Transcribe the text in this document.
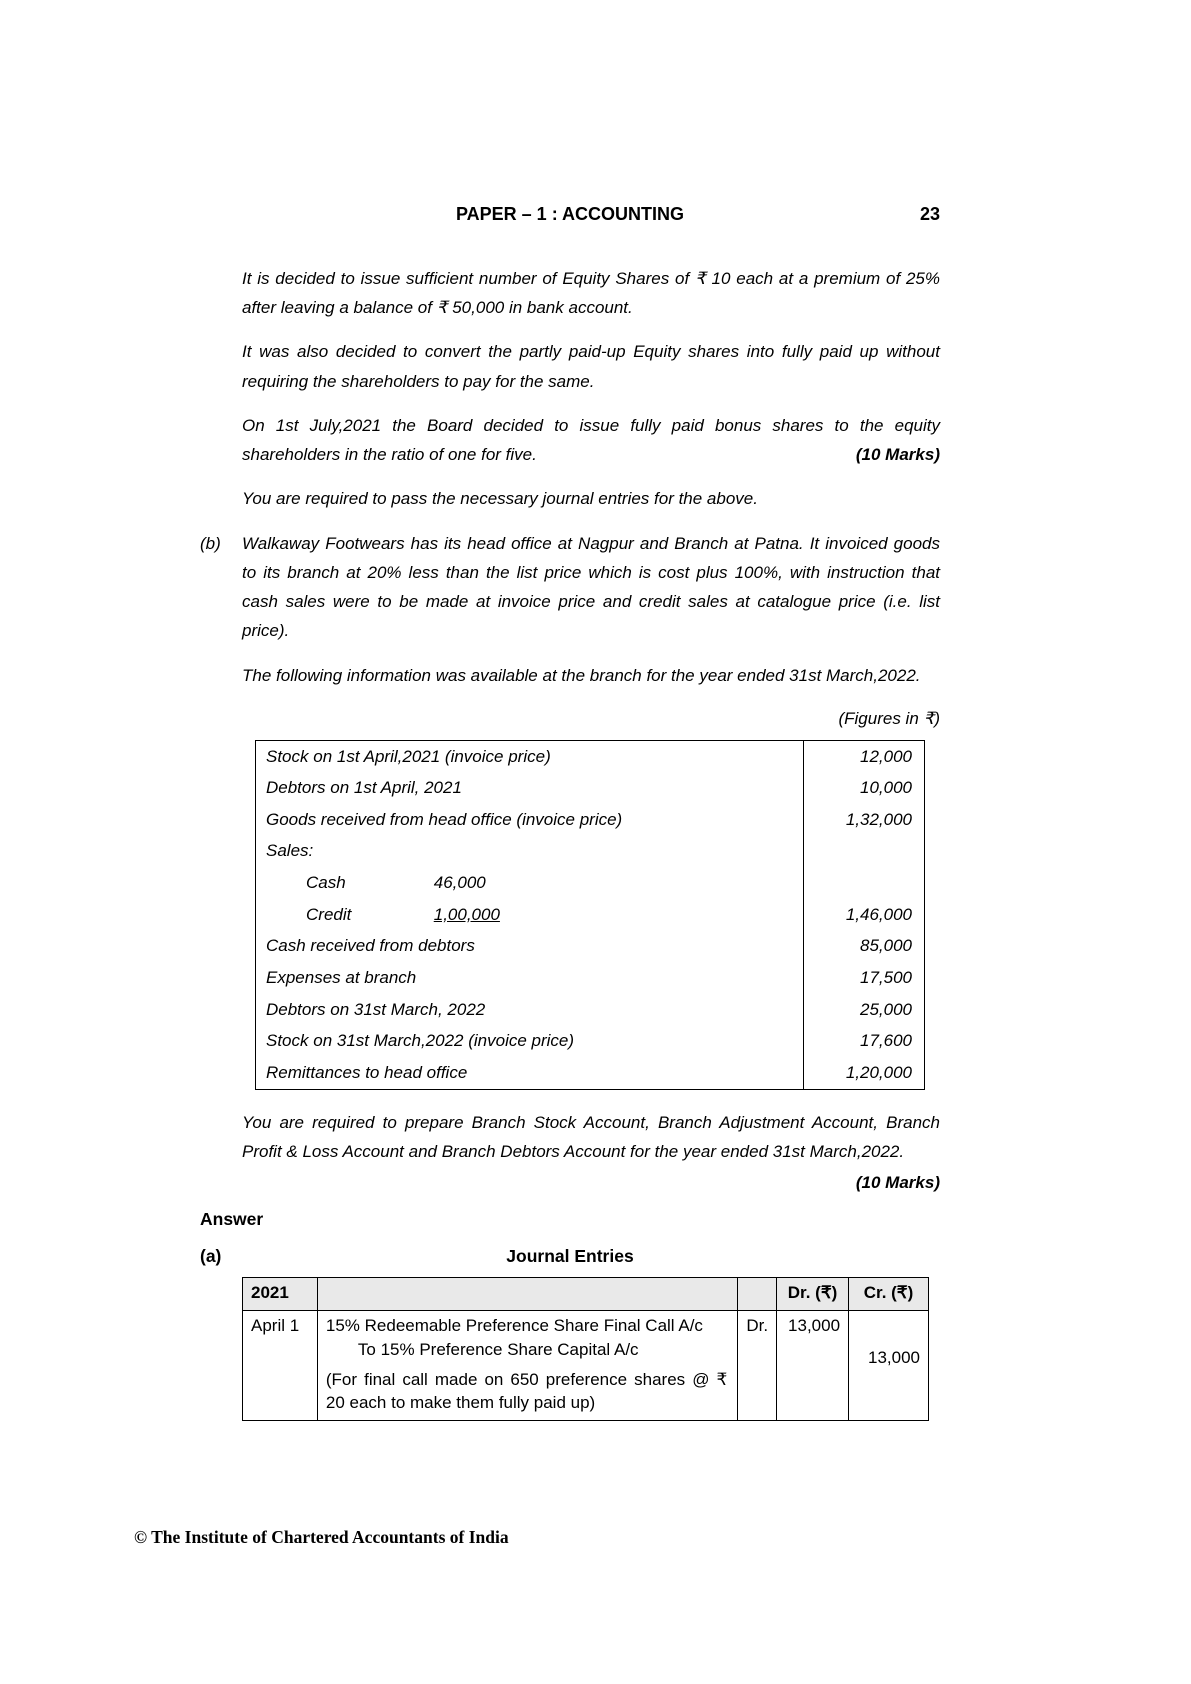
PAPER – 1 : ACCOUNTING	23

It is decided to issue sufficient number of Equity Shares of ₹ 10 each at a premium of 25% after leaving a balance of ₹ 50,000 in bank account.

It was also decided to convert the partly paid-up Equity shares into fully paid up without requiring the shareholders to pay for the same.

On 1st July,2021 the Board decided to issue fully paid bonus shares to the equity shareholders in the ratio of one for five.	(10 Marks)

You are required to pass the necessary journal entries for the above.

(b)	Walkaway Footwears has its head office at Nagpur and Branch at Patna. It invoiced goods to its branch at 20% less than the list price which is cost plus 100%, with instruction that cash sales were to be made at invoice price and credit sales at catalogue price (i.e. list price).

The following information was available at the branch for the year ended 31st March,2022.

(Figures in ₹)
Stock on 1st April,2021 (invoice price)	12,000
Debtors on 1st April, 2021	10,000
Goods received from head office (invoice price)	1,32,000
Sales:
Cash	46,000
Credit	1,00,000	1,46,000
Cash received from debtors	85,000
Expenses at branch	17,500
Debtors on 31st March, 2022	25,000
Stock on 31st March,2022 (invoice price)	17,600
Remittances to head office	1,20,000

You are required to prepare Branch Stock Account, Branch Adjustment Account, Branch Profit & Loss Account and Branch Debtors Account for the year ended 31st March,2022.

(10 Marks)
Answer
(a)	Journal Entries
2021			Dr. (₹)	Cr. (₹)
April 1	15% Redeemable Preference Share Final Call A/c
To 15% Preference Share Capital A/c
(For final call made on 650 preference shares @ ₹ 20 each to make them fully paid up)	Dr.	13,000	13,000
© The Institute of Chartered Accountants of India
